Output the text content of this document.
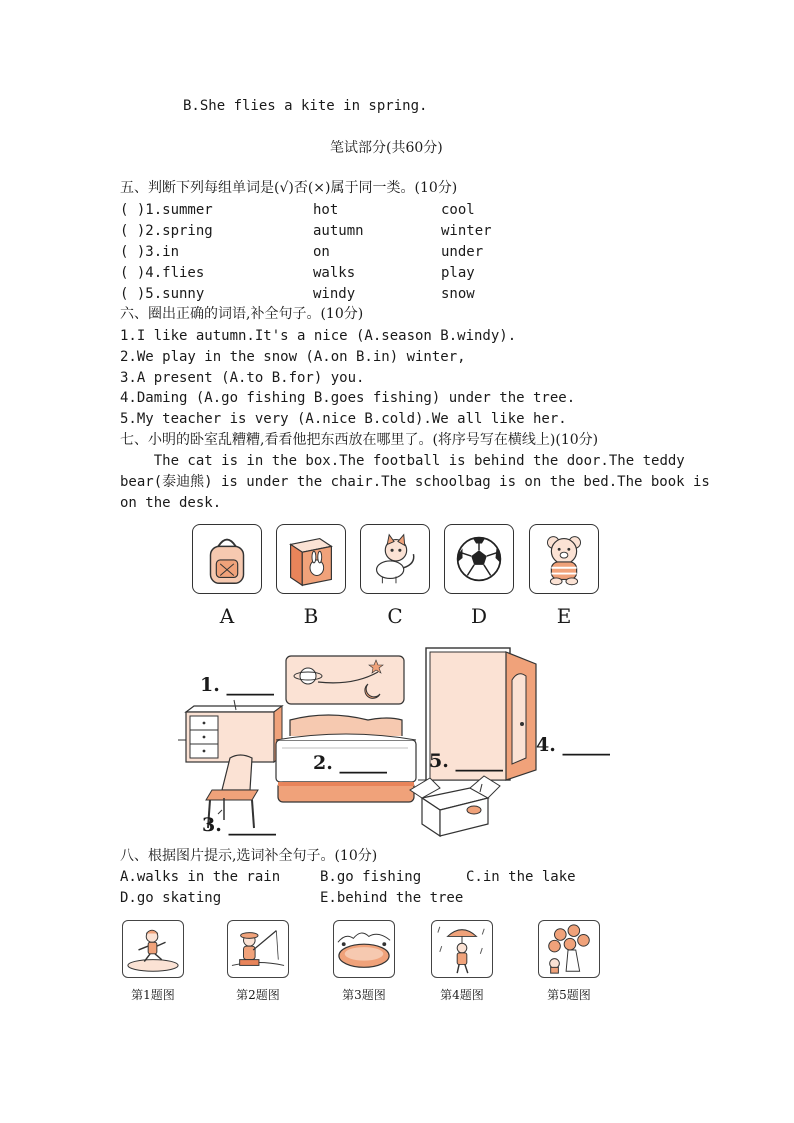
B.She flies a kite in spring.
笔试部分(共60分)
五、判断下列每组单词是(√)否(×)属于同一类。(10分)
( )1.summer	hot	cool
( )2.spring	autumn	winter
( )3.in	on	under
( )4.flies	walks	play
( )5.sunny	windy	snow
六、圈出正确的词语,补全句子。(10分)
1.I like autumn.It's a nice (A.season B.windy).
2.We play in the snow (A.on B.in) winter,
3.A present (A.to B.for) you.
4.Daming (A.go fishing B.goes fishing) under the tree.
5.My teacher is very (A.nice B.cold).We all like her.
七、小明的卧室乱糟糟,看看他把东西放在哪里了。(将序号写在横线上)(10分)
The cat is in the box.The football is behind the door.The teddy
bear(泰迪熊) is under the chair.The schoolbag is on the bed.The book is
on the desk.
A	B	C	D	E
1. _____
2. _____
3. _____
4. _____
5. _____
八、根据图片提示,选词补全句子。(10分)
A.walks in the rain	B.go fishing	C.in the lake
D.go skating	E.behind the tree
第1题图	第2题图	第3题图	第4题图	第5题图
